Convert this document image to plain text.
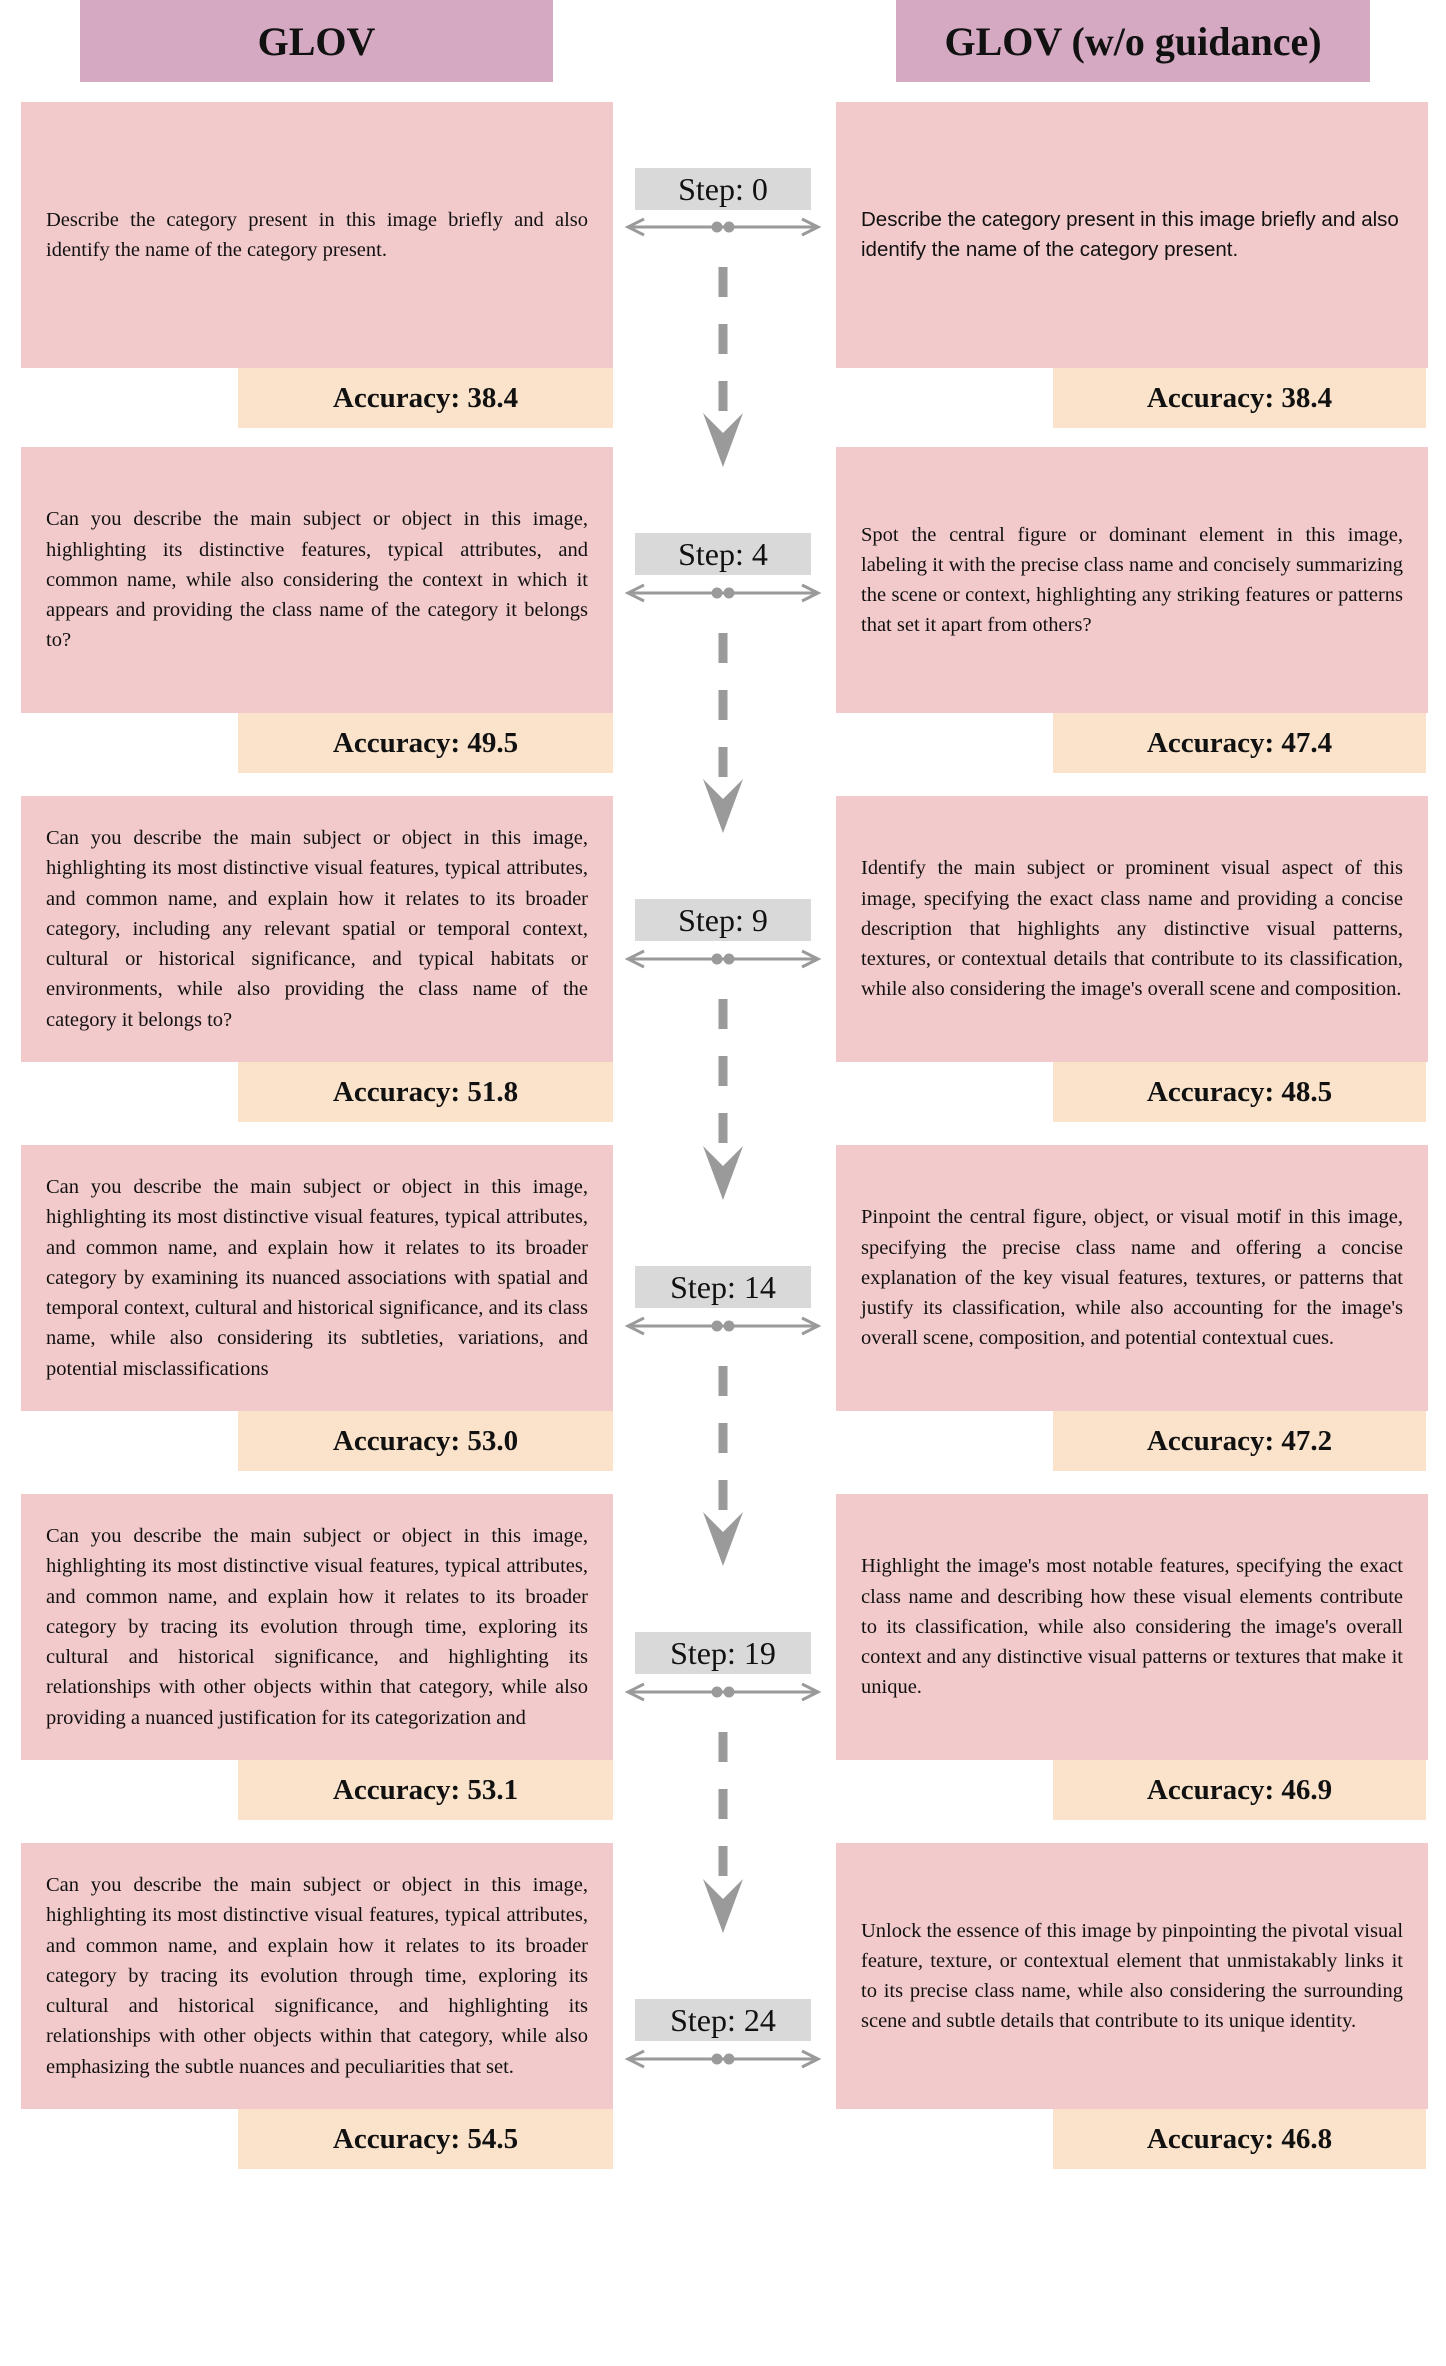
GLOV	GLOV (w/o guidance)
Describe the category present in this image briefly and also identify the name of the category present.
Describe the category present in this image briefly and also identify the name of the category present.
Accuracy: 38.4	Accuracy: 38.4
Step: 0
Can you describe the main subject or object in this image, highlighting its distinctive features, typical attributes, and common name, while also considering the context in which it appears and providing the class name of the category it belongs to?
Spot the central figure or dominant element in this image, labeling it with the precise class name and concisely summarizing the scene or context, highlighting any striking features or patterns that set it apart from others?
Accuracy: 49.5	Accuracy: 47.4
Step: 4
Can you describe the main subject or object in this image, highlighting its most distinctive visual features, typical attributes, and common name, and explain how it relates to its broader category, including any relevant spatial or temporal context, cultural or historical significance, and typical habitats or environments, while also providing the class name of the category it belongs to?
Identify the main subject or prominent visual aspect of this image, specifying the exact class name and providing a concise description that highlights any distinctive visual patterns, textures, or contextual details that contribute to its classification, while also considering the image's overall scene and composition.
Accuracy: 51.8	Accuracy: 48.5
Step: 9
Can you describe the main subject or object in this image, highlighting its most distinctive visual features, typical attributes, and common name, and explain how it relates to its broader category by examining its nuanced associations with spatial and temporal context, cultural and historical significance, and its class name, while also considering its subtleties, variations, and potential misclassifications
Pinpoint the central figure, object, or visual motif in this image, specifying the precise class name and offering a concise explanation of the key visual features, textures, or patterns that justify its classification, while also accounting for the image's overall scene, composition, and potential contextual cues.
Accuracy: 53.0	Accuracy: 47.2
Step: 14
Can you describe the main subject or object in this image, highlighting its most distinctive visual features, typical attributes, and common name, and explain how it relates to its broader category by tracing its evolution through time, exploring its cultural and historical significance, and highlighting its relationships with other objects within that category, while also providing a nuanced justification for its categorization and
Highlight the image's most notable features, specifying the exact class name and describing how these visual elements contribute to its classification, while also considering the image's overall context and any distinctive visual patterns or textures that make it unique.
Accuracy: 53.1	Accuracy: 46.9
Step: 19
Can you describe the main subject or object in this image, highlighting its most distinctive visual features, typical attributes, and common name, and explain how it relates to its broader category by tracing its evolution through time, exploring its cultural and historical significance, and highlighting its relationships with other objects within that category, while also emphasizing the subtle nuances and peculiarities that set.
Unlock the essence of this image by pinpointing the pivotal visual feature, texture, or contextual element that unmistakably links it to its precise class name, while also considering the surrounding scene and subtle details that contribute to its unique identity.
Accuracy: 54.5	Accuracy: 46.8
Step: 24
